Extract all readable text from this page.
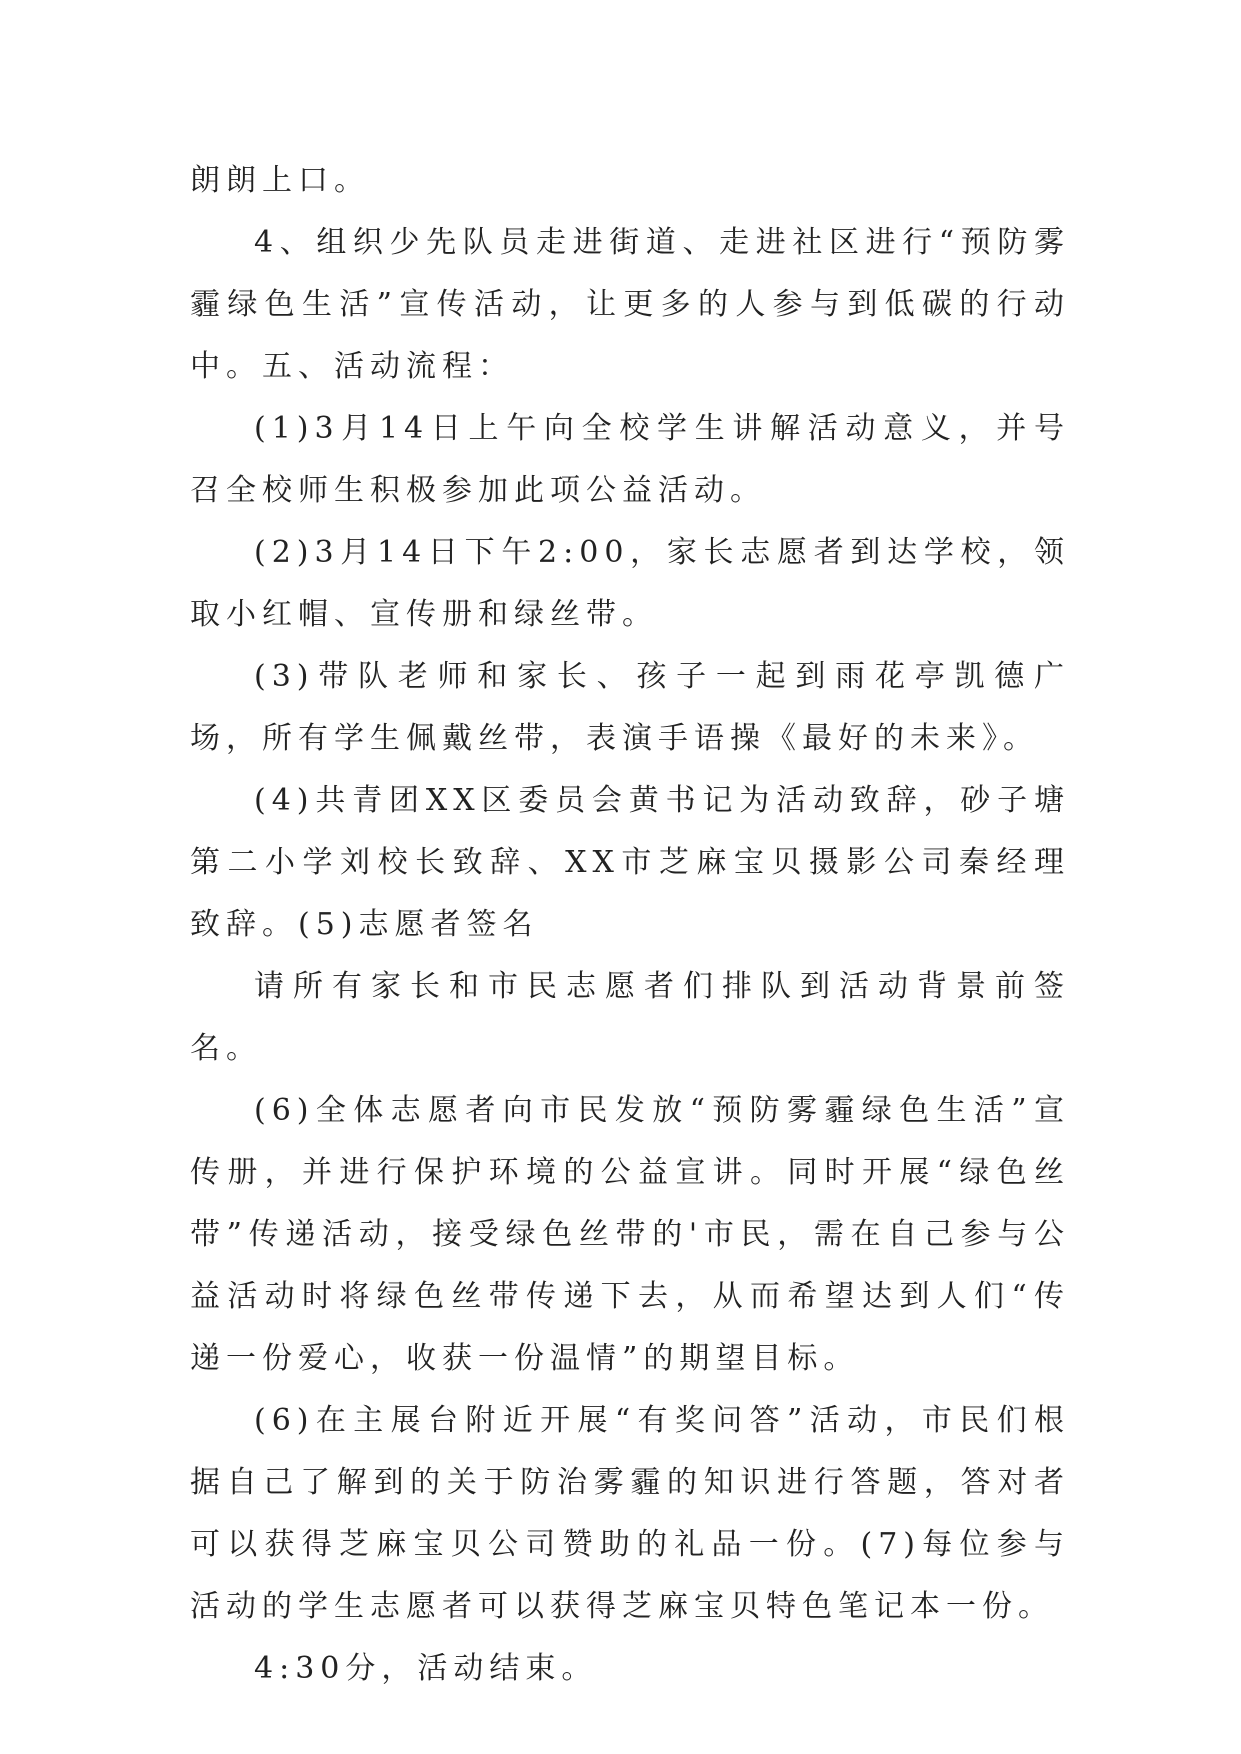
朗朗上口。

4、组织少先队员走进街道、走进社区进行“预防雾霾绿色生活”宣传活动，让更多的人参与到低碳的行动中。五、活动流程：

(1)3月14日上午向全校学生讲解活动意义，并号召全校师生积极参加此项公益活动。

(2)3月14日下午2:00，家长志愿者到达学校，领取小红帽、宣传册和绿丝带。

(3)带队老师和家长、孩子一起到雨花亭凯德广场，所有学生佩戴丝带，表演手语操《最好的未来》。

(4)共青团XX区委员会黄书记为活动致辞，砂子塘第二小学刘校长致辞、XX市芝麻宝贝摄影公司秦经理致辞。(5)志愿者签名

请所有家长和市民志愿者们排队到活动背景前签名。

(6)全体志愿者向市民发放“预防雾霾绿色生活”宣传册，并进行保护环境的公益宣讲。同时开展“绿色丝带”传递活动，接受绿色丝带的'市民，需在自己参与公益活动时将绿色丝带传递下去，从而希望达到人们“传递一份爱心，收获一份温情”的期望目标。

(6)在主展台附近开展“有奖问答”活动，市民们根据自己了解到的关于防治雾霾的知识进行答题，答对者可以获得芝麻宝贝公司赞助的礼品一份。(7)每位参与活动的学生志愿者可以获得芝麻宝贝特色笔记本一份。

4:30分，活动结束。
